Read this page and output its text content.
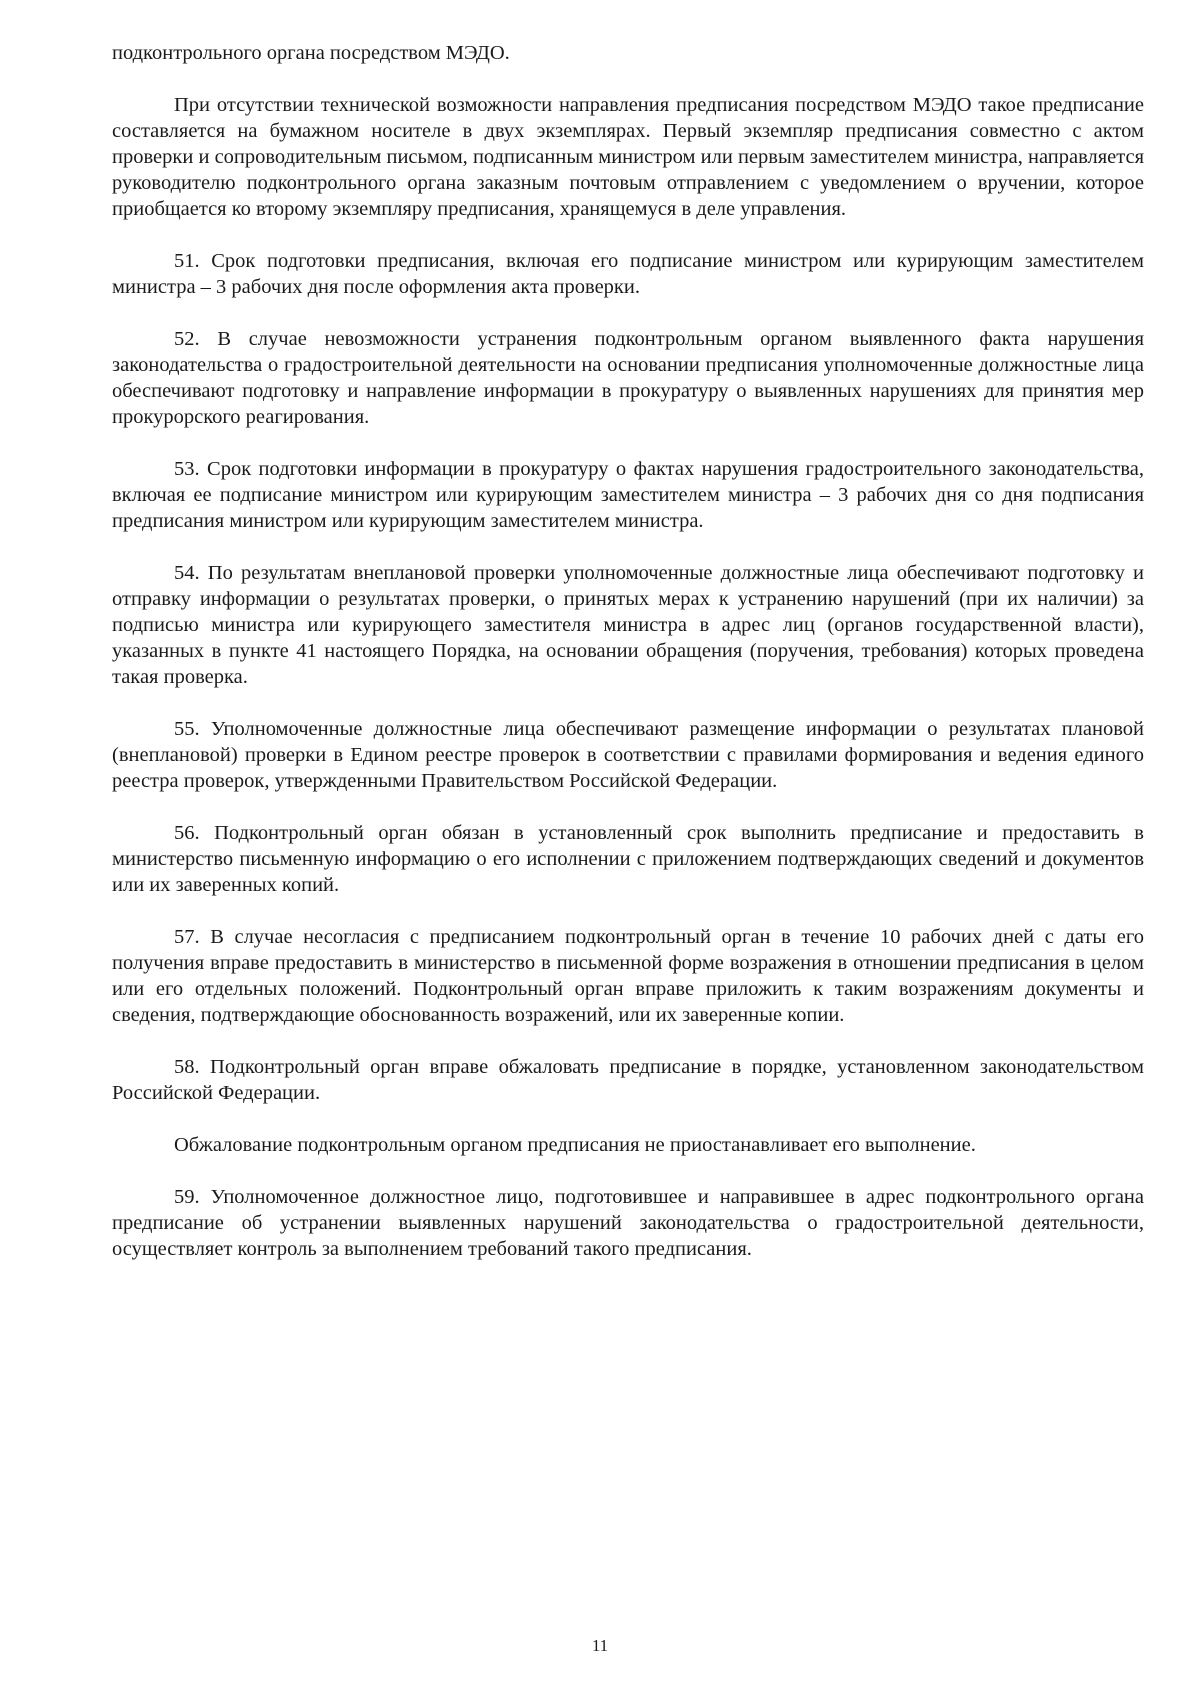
подконтрольного органа посредством МЭДО.

При отсутствии технической возможности направления предписания посредством МЭДО такое предписание составляется на бумажном носителе в двух экземплярах. Первый экземпляр предписания совместно с актом проверки и сопроводительным письмом, подписанным министром или первым заместителем министра, направляется руководителю подконтрольного органа заказным почтовым отправлением с уведомлением о вручении, которое приобщается ко второму экземпляру предписания, хранящемуся в деле управления.

51. Срок подготовки предписания, включая его подписание министром или курирующим заместителем министра – 3 рабочих дня после оформления акта проверки.

52. В случае невозможности устранения подконтрольным органом выявленного факта нарушения законодательства о градостроительной деятельности на основании предписания уполномоченные должностные лица обеспечивают подготовку и направление информации в прокуратуру о выявленных нарушениях для принятия мер прокурорского реагирования.

53. Срок подготовки информации в прокуратуру о фактах нарушения градостроительного законодательства, включая ее подписание министром или курирующим заместителем министра – 3 рабочих дня со дня подписания предписания министром или курирующим заместителем министра.

54. По результатам внеплановой проверки уполномоченные должностные лица обеспечивают подготовку и отправку информации о результатах проверки, о принятых мерах к устранению нарушений (при их наличии) за подписью министра или курирующего заместителя министра в адрес лиц (органов государственной власти), указанных в пункте 41 настоящего Порядка, на основании обращения (поручения, требования) которых проведена такая проверка.

55. Уполномоченные должностные лица обеспечивают размещение информации о результатах плановой (внеплановой) проверки в Едином реестре проверок в соответствии с правилами формирования и ведения единого реестра проверок, утвержденными Правительством Российской Федерации.

56. Подконтрольный орган обязан в установленный срок выполнить предписание и предоставить в министерство письменную информацию о его исполнении с приложением подтверждающих сведений и документов или их заверенных копий.

57. В случае несогласия с предписанием подконтрольный орган в течение 10 рабочих дней с даты его получения вправе предоставить в министерство в письменной форме возражения в отношении предписания в целом или его отдельных положений. Подконтрольный орган вправе приложить к таким возражениям документы и сведения, подтверждающие обоснованность возражений, или их заверенные копии.

58. Подконтрольный орган вправе обжаловать предписание в порядке, установленном законодательством Российской Федерации.

Обжалование подконтрольным органом предписания не приостанавливает его выполнение.

59. Уполномоченное должностное лицо, подготовившее и направившее в адрес подконтрольного органа предписание об устранении выявленных нарушений законодательства о градостроительной деятельности, осуществляет контроль за выполнением требований такого предписания.

11
